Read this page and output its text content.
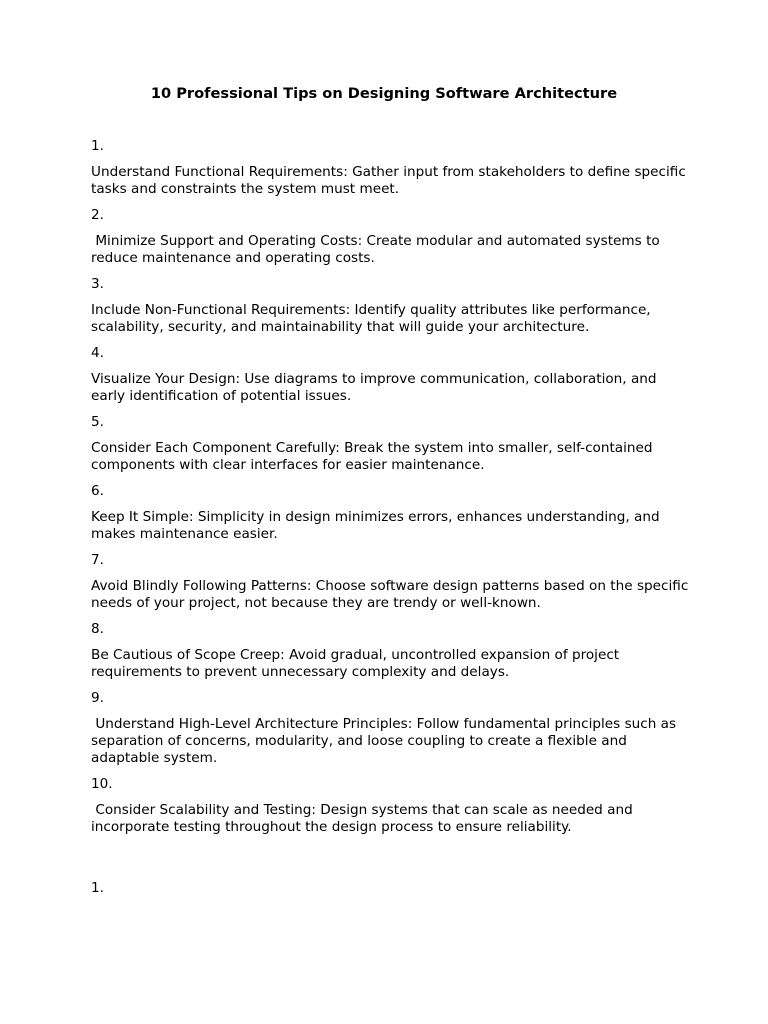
10 Professional Tips on Designing Software Architecture

1.

Understand Functional Requirements: Gather input from stakeholders to define specific tasks and constraints the system must meet.

2.

Minimize Support and Operating Costs: Create modular and automated systems to reduce maintenance and operating costs.

3.

Include Non-Functional Requirements: Identify quality attributes like performance, scalability, security, and maintainability that will guide your architecture.

4.

Visualize Your Design: Use diagrams to improve communication, collaboration, and early identification of potential issues.

5.

Consider Each Component Carefully: Break the system into smaller, self-contained components with clear interfaces for easier maintenance.

6.

Keep It Simple: Simplicity in design minimizes errors, enhances understanding, and makes maintenance easier.

7.

Avoid Blindly Following Patterns: Choose software design patterns based on the specific needs of your project, not because they are trendy or well-known.

8.

Be Cautious of Scope Creep: Avoid gradual, uncontrolled expansion of project requirements to prevent unnecessary complexity and delays.

9.

Understand High-Level Architecture Principles: Follow fundamental principles such as separation of concerns, modularity, and loose coupling to create a flexible and adaptable system.

10.

Consider Scalability and Testing: Design systems that can scale as needed and incorporate testing throughout the design process to ensure reliability.

1.
